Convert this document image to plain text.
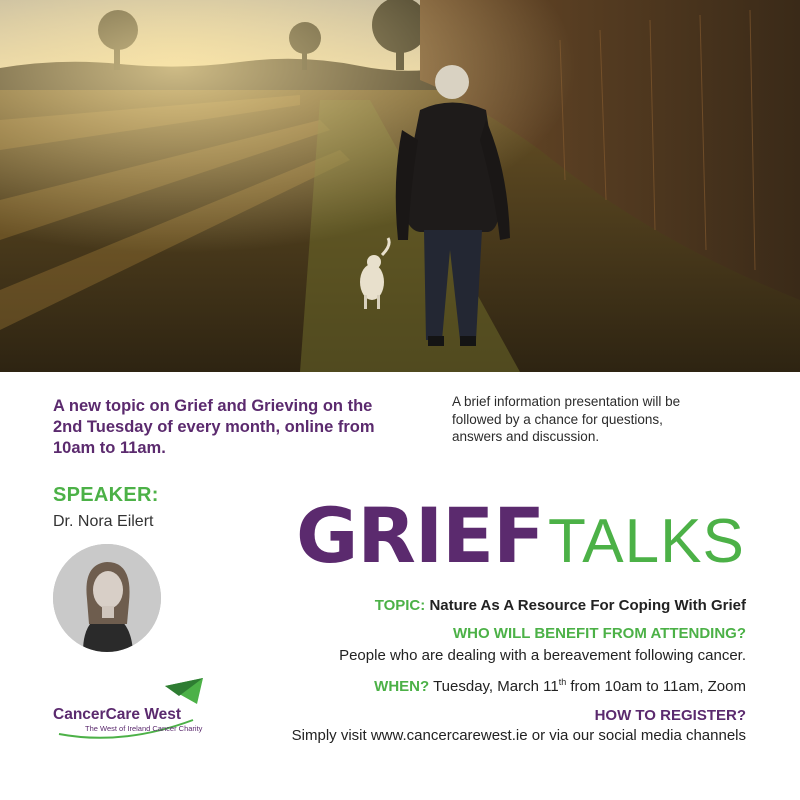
A new topic on Grief and Grieving on the 2nd Tuesday of every month, online from 10am to 11am.

A brief information presentation will be followed by a chance for questions, answers and discussion.

SPEAKER:

Dr. Nora Eilert

CancerCare West
The West of Ireland Cancer Charity

GRIEFTALKS

TOPIC: Nature As A Resource For Coping With Grief

WHO WILL BENEFIT FROM ATTENDING?

People who are dealing with a bereavement following cancer.

WHEN? Tuesday, March 11th from 10am to 11am, Zoom

HOW TO REGISTER?

Simply visit www.cancercarewest.ie or via our social media channels
